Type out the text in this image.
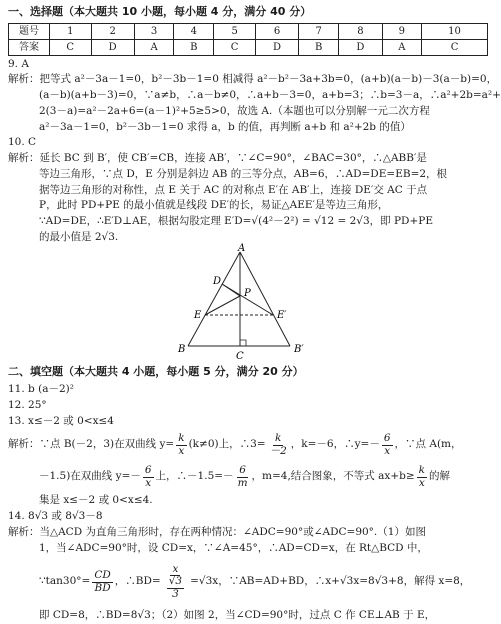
一、选择题（本大题共 10 小题，每小题 4 分，满分 40 分）
题号	1	2	3	4	5	6	7	8	9	10
答案	C	D	A	B	C	D	B	D	A	C
9. A
解析：把等式 a²－3a－1=0，b²－3b－1=0 相减得 a²－b²－3a+3b=0，(a+b)(a－b)－3(a－b)=0，
(a－b)(a+b－3)=0，∵a≠b，∴a－b≠0，∴a+b－3=0，a+b=3；∴b=3－a，∴a²+2b=a²+
2(3－a)=a²－2a+6=(a－1)²+5≥5>0，故选 A.（本题也可以分别解一元二次方程
a²－3a－1=0，b²－3b－1=0 求得 a，b 的值，再判断 a+b 和 a²+2b 的值）
10. C
解析：延长 BC 到 B′，使 CB′=CB，连接 AB′，∵∠C=90°，∠BAC=30°，∴△ABB′是
等边三角形，∵点 D，E 分别是斜边 AB 的三等分点，AB=6，∴AD=DE=EB=2，根
据等边三角形的对称性，点 E 关于 AC 的对称点 E′在 AB′上，连接 DE′交 AC 于点
P，此时 PD+PE 的最小值就是线段 DE′的长，易证△AEE′是等边三角形，
∵AD=DE，∴E′D⊥AE，根据勾股定理 E′D=√(4²－2²) = √12 = 2√3，即 PD+PE
的最小值是 2√3.
A
D
P
E	E′
B
C
B′
二、填空题（本大题共 4 小题，每小题 5 分，满分 20 分）
11. b (a－2)²
12. 25°
13. x≤－2 或 0<x≤4
解析：∵点 B(－2，3)在双曲线 $y= \frac{k}{x} (k\ne 0)$上，∴3= $\frac{k}{-2}$ ，k=－6，∴y=－ $\frac{6}{x}$ ，∵点 A(m，
－1.5)在双曲线 $y=- \frac{6}{x}$ 上，∴－1.5=－ $\frac{6}{m}$ ，m=4,结合图象，不等式 $ax+b\ge \frac{k}{x}$ 的解
集是 x≤－2 或 0<x≤4.
14. 8√3 或 8√3－8
解析：当△ACD 为直角三角形时，存在两种情况：∠ADC=90°或∠ADC=90°.（1）如图
1，当∠ADC=90°时，设 CD=x，∵∠A=45°，∴AD=CD=x，在 Rt△BCD 中，
∵tan30°= $\frac{CD}{BD}$ ，∴BD= $\frac{x}{\frac{√3}{3}} =√3x$，∵AB=AD+BD，∴x+√3x=8√3+8，解得 x=8，
即 CD=8，∴BD=8√3；（2）如图 2，当∠CD=90°时，过点 C 作 CE⊥AB 于 E，
